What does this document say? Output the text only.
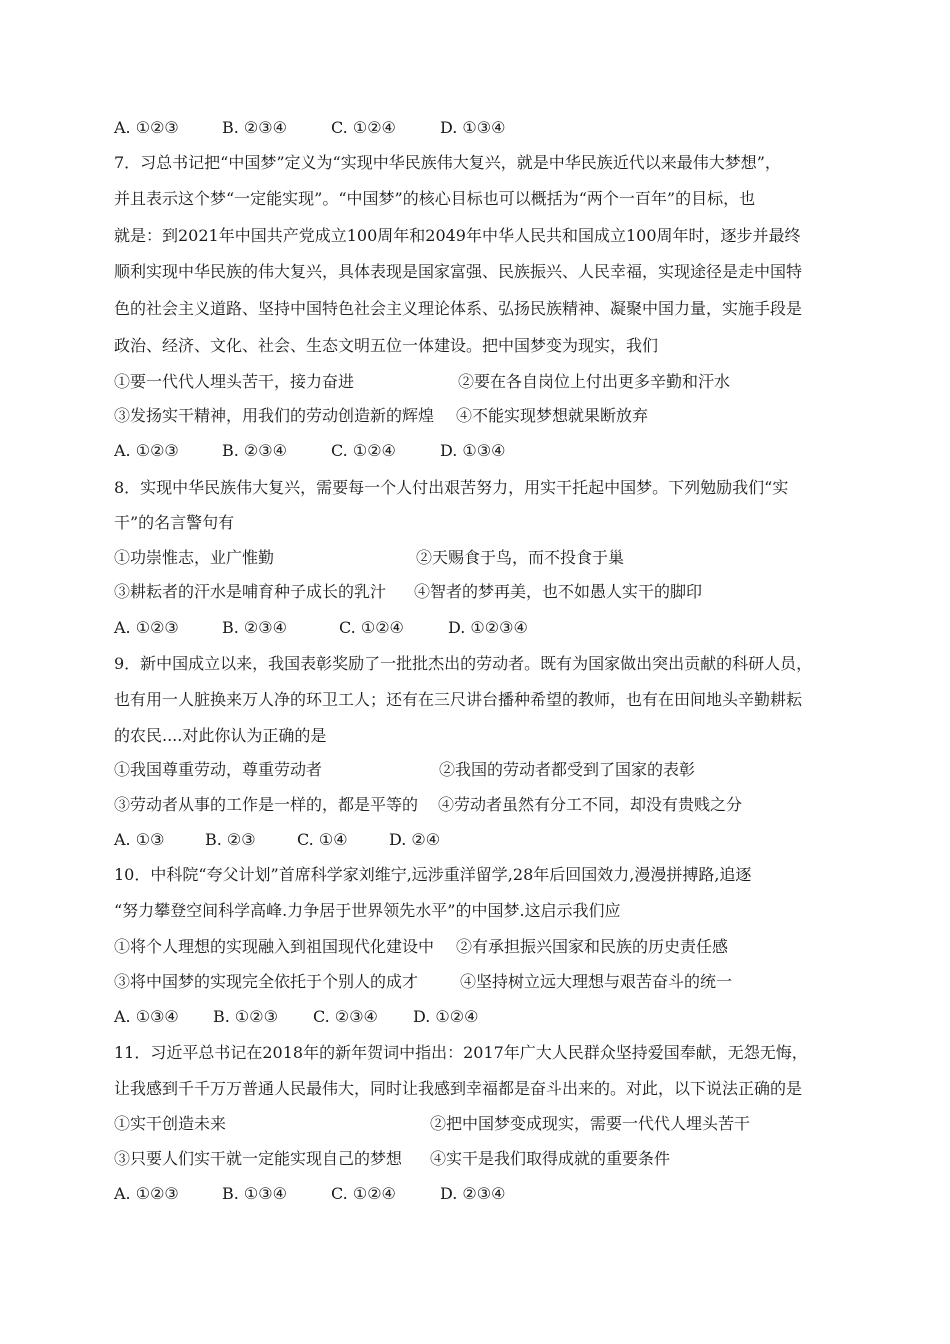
A. ①②③	B. ②③④	C. ①②④	D. ①③④
7．习总书记把“中国梦”定义为“实现中华民族伟大复兴，就是中华民族近代以来最伟大梦想”，
并且表示这个梦“一定能实现”。“中国梦”的核心目标也可以概括为“两个一百年”的目标，也
就是：到2021年中国共产党成立100周年和2049年中华人民共和国成立100周年时，逐步并最终
顺利实现中华民族的伟大复兴，具体表现是国家富强、民族振兴、人民幸福，实现途径是走中国特
色的社会主义道路、坚持中国特色社会主义理论体系、弘扬民族精神、凝聚中国力量，实施手段是
政治、经济、文化、社会、生态文明五位一体建设。把中国梦变为现实，我们
①要一代代人埋头苦干，接力奋进	②要在各自岗位上付出更多辛勤和汗水
③发扬实干精神，用我们的劳动创造新的辉煌 ④不能实现梦想就果断放弃
A. ①②③	B. ②③④	C. ①②④	D. ①③④
8．实现中华民族伟大复兴，需要每一个人付出艰苦努力，用实干托起中国梦。下列勉励我们“实
干”的名言警句有
①功崇惟志，业广惟勤	②天赐食于鸟，而不投食于巢
③耕耘者的汗水是哺育种子成长的乳汁 ④智者的梦再美，也不如愚人实干的脚印
A. ①②③	B. ②③④	C. ①②④	D. ①②③④
9．新中国成立以来，我国表彰奖励了一批批杰出的劳动者。既有为国家做出突出贡献的科研人员，
也有用一人脏换来万人净的环卫工人；还有在三尺讲台播种希望的教师，也有在田间地头辛勤耕耘
的农民....对此你认为正确的是
①我国尊重劳动，尊重劳动者	②我国的劳动者都受到了国家的表彰
③劳动者从事的工作是一样的，都是平等的 ④劳动者虽然有分工不同，却没有贵贱之分
A. ①③	B. ②③	C. ①④	D. ②④
10．中科院“夸父计划”首席科学家刘维宁,远涉重洋留学,28年后回国效力,漫漫拼搏路,追逐
“努力攀登空间科学高峰.力争居于世界领先水平”的中国梦.这启示我们应
①将个人理想的实现融入到祖国现代化建设中 ②有承担振兴国家和民族的历史责任感
③将中国梦的实现完全依托于个别人的成才	④坚持树立远大理想与艰苦奋斗的统一
A. ①③④ B. ①②③ C. ②③④ D. ①②④
11．习近平总书记在2018年的新年贺词中指出：2017年广大人民群众坚持爱国奉献，无怨无悔，
让我感到千千万万普通人民最伟大，同时让我感到幸福都是奋斗出来的。对此，以下说法正确的是
①实干创造未来	②把中国梦变成现实，需要一代代人埋头苦干
③只要人们实干就一定能实现自己的梦想 ④实干是我们取得成就的重要条件
A. ①②③	B. ①③④	C. ①②④	D. ②③④
